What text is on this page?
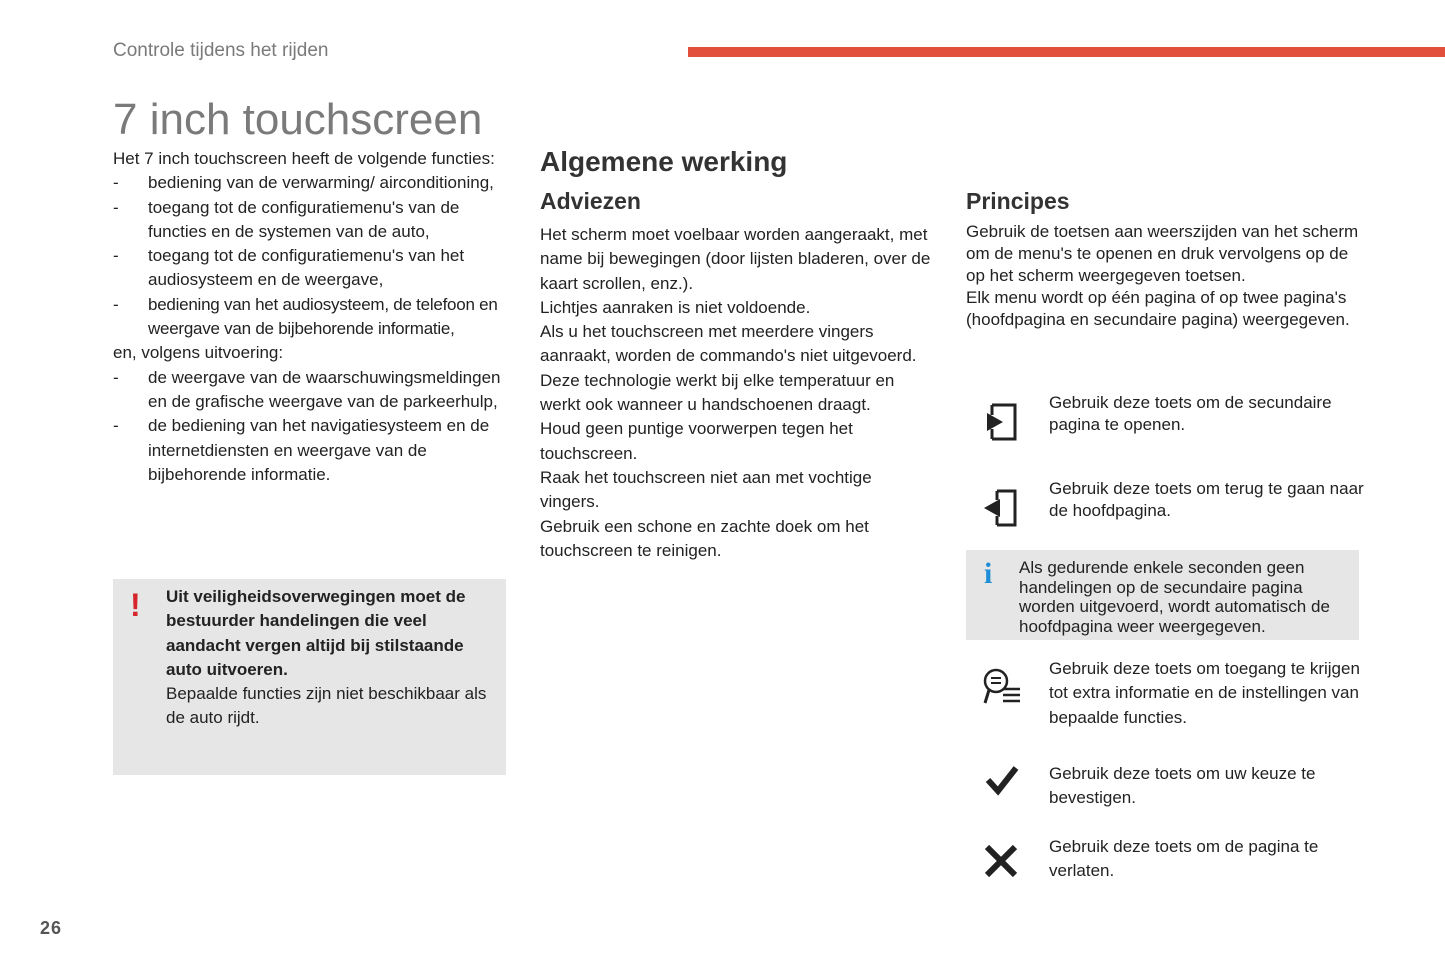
Controle tijdens het rijden
7 inch touchscreen
Het 7 inch touchscreen heeft de volgende functies:
- bediening van de verwarming/ airconditioning,
- toegang tot de configuratiemenu's van de functies en de systemen van de auto,
- toegang tot de configuratiemenu's van het audiosysteem en de weergave,
- bediening van het audiosysteem, de telefoon en weergave van de bijbehorende informatie,
en, volgens uitvoering:
- de weergave van de waarschuwingsmeldingen en de grafische weergave van de parkeerhulp,
- de bediening van het navigatiesysteem en de internetdiensten en weergave van de bijbehorende informatie.
! Uit veiligheidsoverwegingen moet de bestuurder handelingen die veel aandacht vergen altijd bij stilstaande auto uitvoeren.
Bepaalde functies zijn niet beschikbaar als de auto rijdt.
Algemene werking
Adviezen
Het scherm moet voelbaar worden aangeraakt, met name bij bewegingen (door lijsten bladeren, over de kaart scrollen, enz.).
Lichtjes aanraken is niet voldoende.
Als u het touchscreen met meerdere vingers aanraakt, worden de commando's niet uitgevoerd.
Deze technologie werkt bij elke temperatuur en werkt ook wanneer u handschoenen draagt.
Houd geen puntige voorwerpen tegen het touchscreen.
Raak het touchscreen niet aan met vochtige vingers.
Gebruik een schone en zachte doek om het touchscreen te reinigen.
Principes
Gebruik de toetsen aan weerszijden van het scherm om de menu's te openen en druk vervolgens op de op het scherm weergegeven toetsen.
Elk menu wordt op één pagina of op twee pagina's (hoofdpagina en secundaire pagina) weergegeven.
Gebruik deze toets om de secundaire pagina te openen.
Gebruik deze toets om terug te gaan naar de hoofdpagina.
i Als gedurende enkele seconden geen handelingen op de secundaire pagina worden uitgevoerd, wordt automatisch de hoofdpagina weer weergegeven.
Gebruik deze toets om toegang te krijgen tot extra informatie en de instellingen van bepaalde functies.
Gebruik deze toets om uw keuze te bevestigen.
Gebruik deze toets om de pagina te verlaten.
26
